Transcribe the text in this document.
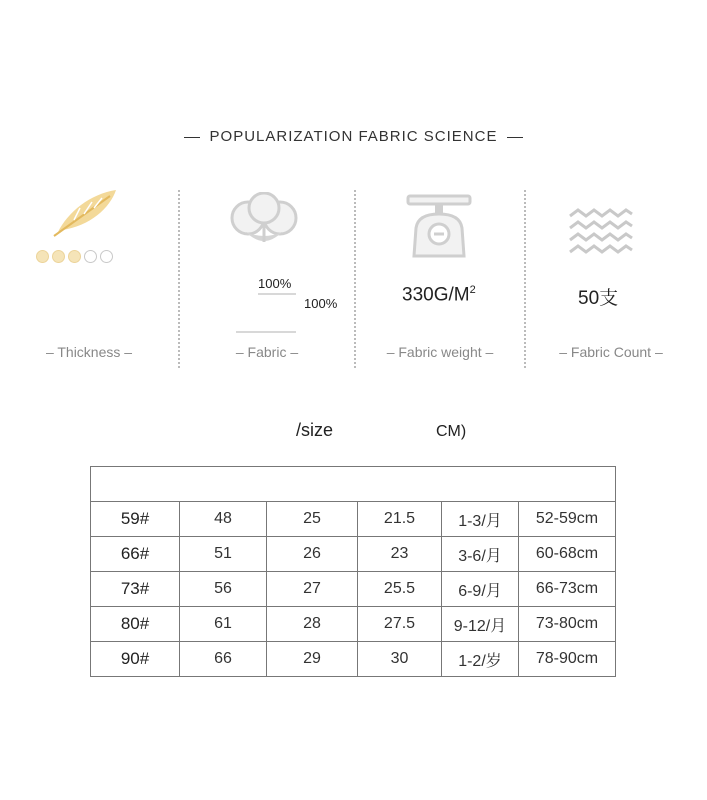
POPULARIZATION FABRIC SCIENCE
– Thickness –
100%
100%
– Fabric –
$330G/M^2$
– Fabric weight –
50支
– Fabric Count –
/size	CM)

59#	48	25	21.5	1-3/月	52-59cm
66#	51	26	23	3-6/月	60-68cm
73#	56	27	25.5	6-9/月	66-73cm
80#	61	28	27.5	9-12/月	73-80cm
90#	66	29	30	1-2/岁	78-90cm
